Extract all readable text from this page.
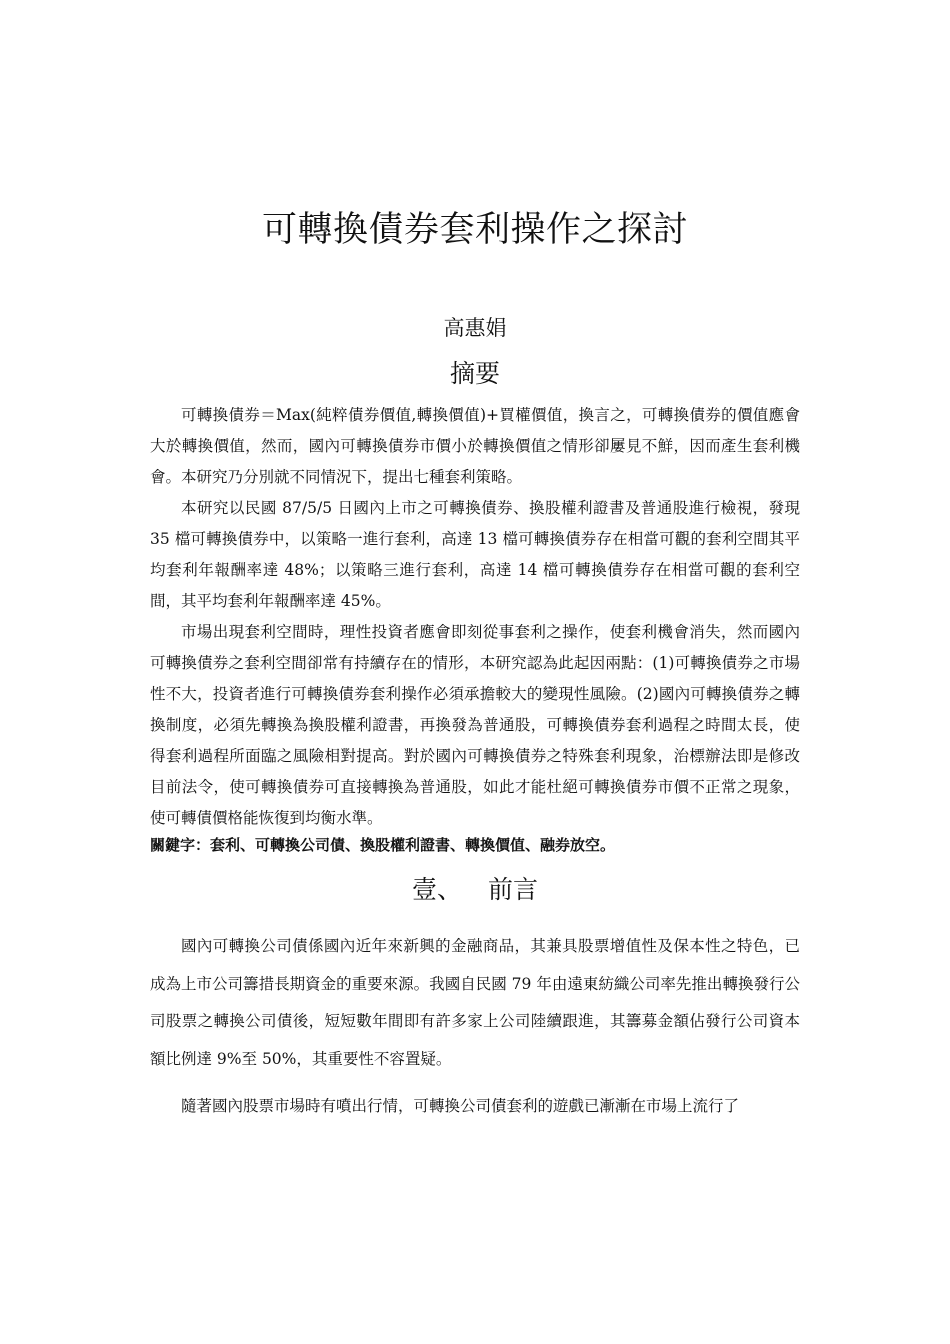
可轉換債券套利操作之探討
高惠娟
摘要

可轉換債券＝Max(純粹債券價值,轉換價值)+買權價值，換言之，可轉換債券的價值應會大於轉換價值，然而，國內可轉換債券市價小於轉換價值之情形卻屢見不鮮，因而產生套利機會。本研究乃分別就不同情況下，提出七種套利策略。

本研究以民國 87/5/5 日國內上市之可轉換債券、換股權利證書及普通股進行檢視，發現 35 檔可轉換債券中，以策略一進行套利，高達 13 檔可轉換債券存在相當可觀的套利空間其平均套利年報酬率達 48%；以策略三進行套利，高達 14 檔可轉換債券存在相當可觀的套利空間，其平均套利年報酬率達 45%。

市場出現套利空間時，理性投資者應會即刻從事套利之操作，使套利機會消失，然而國內可轉換債券之套利空間卻常有持續存在的情形，本研究認為此起因兩點：(1)可轉換債券之市場性不大，投資者進行可轉換債券套利操作必須承擔較大的變現性風險。(2)國內可轉換債券之轉換制度，必須先轉換為換股權利證書，再換發為普通股，可轉換債券套利過程之時間太長，使得套利過程所面臨之風險相對提高。對於國內可轉換債券之特殊套利現象，治標辦法即是修改目前法令，使可轉換債券可直接轉換為普通股，如此才能杜絕可轉換債券市價不正常之現象，使可轉債價格能恢復到均衡水準。

關鍵字：套利、可轉換公司債、換股權利證書、轉換價值、融券放空。
壹、 前言

國內可轉換公司債係國內近年來新興的金融商品，其兼具股票增值性及保本性之特色，已成為上市公司籌措長期資金的重要來源。我國自民國 79 年由遠東紡織公司率先推出轉換發行公司股票之轉換公司債後，短短數年間即有許多家上公司陸續跟進，其籌募金額佔發行公司資本額比例達 9%至 50%，其重要性不容置疑。

隨著國內股票市場時有噴出行情，可轉換公司債套利的遊戲已漸漸在市場上流行了
